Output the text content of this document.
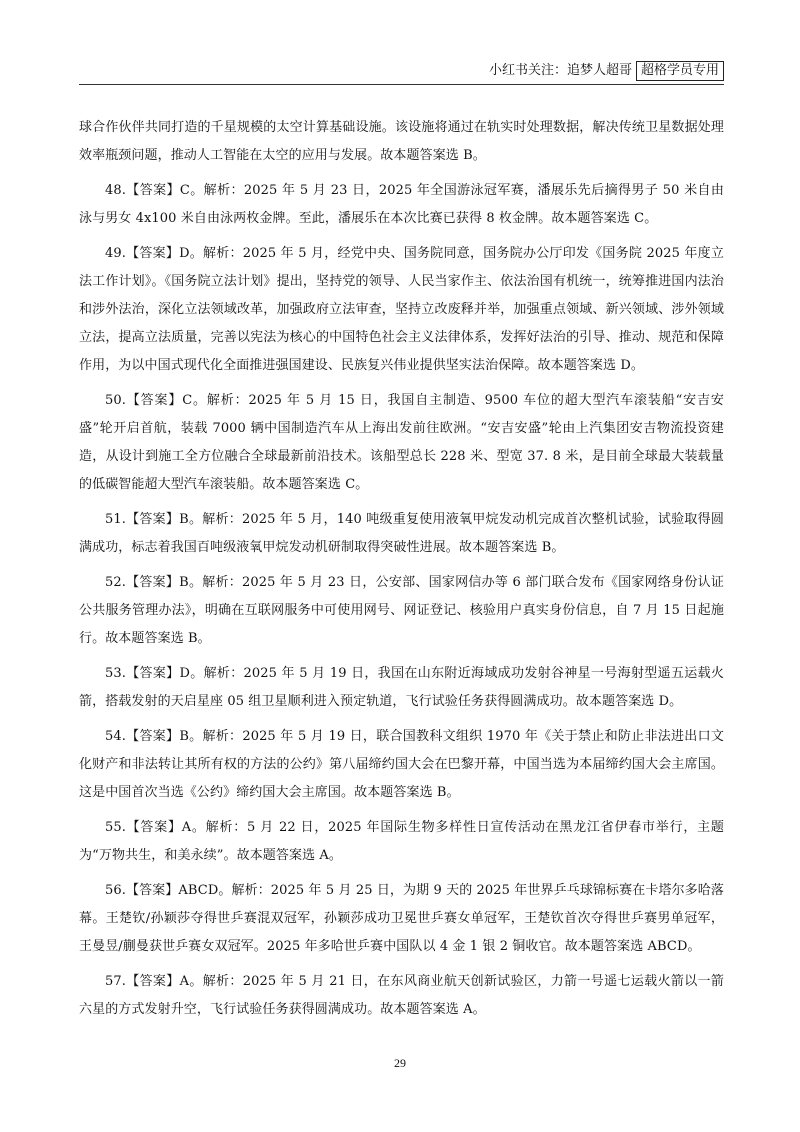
小红书关注：追梦人超哥 超格学员专用

球合作伙伴共同打造的千星规模的太空计算基础设施。该设施将通过在轨实时处理数据，解决传统卫星数据处理效率瓶颈问题，推动人工智能在太空的应用与发展。故本题答案选 B。

48.【答案】C。解析：2025 年 5 月 23 日，2025 年全国游泳冠军赛，潘展乐先后摘得男子 50 米自由泳与男女 4x100 米自由泳两枚金牌。至此，潘展乐在本次比赛已获得 8 枚金牌。故本题答案选 C。

49.【答案】D。解析：2025 年 5 月，经党中央、国务院同意，国务院办公厅印发《国务院 2025 年度立法工作计划》。《国务院立法计划》提出，坚持党的领导、人民当家作主、依法治国有机统一，统筹推进国内法治和涉外法治，深化立法领域改革，加强政府立法审查，坚持立改废释并举，加强重点领域、新兴领域、涉外领域立法，提高立法质量，完善以宪法为核心的中国特色社会主义法律体系，发挥好法治的引导、推动、规范和保障作用，为以中国式现代化全面推进强国建设、民族复兴伟业提供坚实法治保障。故本题答案选 D。

50.【答案】C。解析：2025 年 5 月 15 日，我国自主制造、9500 车位的超大型汽车滚装船“安吉安盛”轮开启首航，装载 7000 辆中国制造汽车从上海出发前往欧洲。“安吉安盛”轮由上汽集团安吉物流投资建造，从设计到施工全方位融合全球最新前沿技术。该船型总长 228 米、型宽 37. 8 米，是目前全球最大装载量的低碳智能超大型汽车滚装船。故本题答案选 C。

51.【答案】B。解析：2025 年 5 月，140 吨级重复使用液氧甲烷发动机完成首次整机试验，试验取得圆满成功，标志着我国百吨级液氧甲烷发动机研制取得突破性进展。故本题答案选 B。

52.【答案】B。解析：2025 年 5 月 23 日，公安部、国家网信办等 6 部门联合发布《国家网络身份认证公共服务管理办法》，明确在互联网服务中可使用网号、网证登记、核验用户真实身份信息，自 7 月 15 日起施行。故本题答案选 B。

53.【答案】D。解析：2025 年 5 月 19 日，我国在山东附近海域成功发射谷神星一号海射型遥五运载火箭，搭载发射的天启星座 05 组卫星顺利进入预定轨道，飞行试验任务获得圆满成功。故本题答案选 D。

54.【答案】B。解析：2025 年 5 月 19 日，联合国教科文组织 1970 年《关于禁止和防止非法进出口文化财产和非法转让其所有权的方法的公约》第八届缔约国大会在巴黎开幕，中国当选为本届缔约国大会主席国。这是中国首次当选《公约》缔约国大会主席国。故本题答案选 B。

55.【答案】A。解析：5 月 22 日，2025 年国际生物多样性日宣传活动在黑龙江省伊春市举行，主题为“万物共生，和美永续”。故本题答案选 A。

56.【答案】ABCD。解析：2025 年 5 月 25 日，为期 9 天的 2025 年世界乒乓球锦标赛在卡塔尔多哈落幕。王楚钦/孙颖莎夺得世乒赛混双冠军，孙颖莎成功卫冕世乒赛女单冠军，王楚钦首次夺得世乒赛男单冠军，王曼昱/蒯曼获世乒赛女双冠军。2025 年多哈世乒赛中国队以 4 金 1 银 2 铜收官。故本题答案选 ABCD。

57.【答案】A。解析：2025 年 5 月 21 日，在东风商业航天创新试验区，力箭一号遥七运载火箭以一箭六星的方式发射升空，飞行试验任务获得圆满成功。故本题答案选 A。

29
